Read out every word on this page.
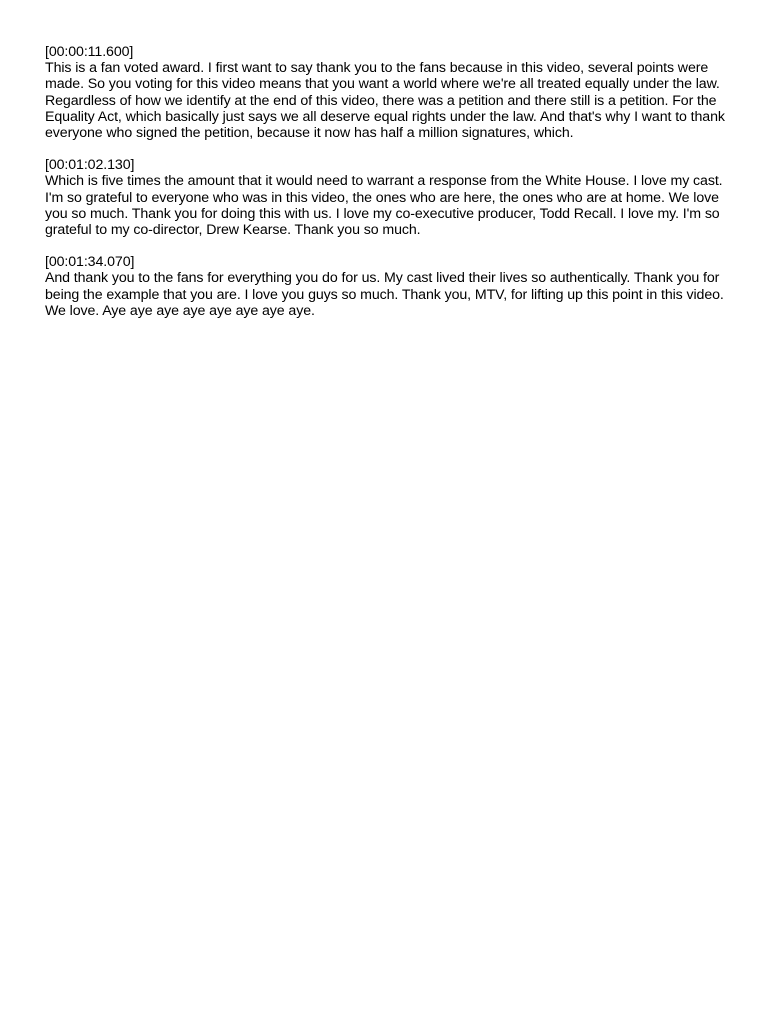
[00:00:11.600]
This is a fan voted award. I first want to say thank you to the fans because in this video, several points were made. So you voting for this video means that you want a world where we're all treated equally under the law. Regardless of how we identify at the end of this video, there was a petition and there still is a petition. For the Equality Act, which basically just says we all deserve equal rights under the law. And that's why I want to thank everyone who signed the petition, because it now has half a million signatures, which.
[00:01:02.130]
Which is five times the amount that it would need to warrant a response from the White House. I love my cast. I'm so grateful to everyone who was in this video, the ones who are here, the ones who are at home. We love you so much. Thank you for doing this with us. I love my co-executive producer, Todd Recall. I love my. I'm so grateful to my co-director, Drew Kearse. Thank you so much.
[00:01:34.070]
And thank you to the fans for everything you do for us. My cast lived their lives so authentically. Thank you for being the example that you are. I love you guys so much. Thank you, MTV, for lifting up this point in this video. We love. Aye aye aye aye aye aye aye aye.
